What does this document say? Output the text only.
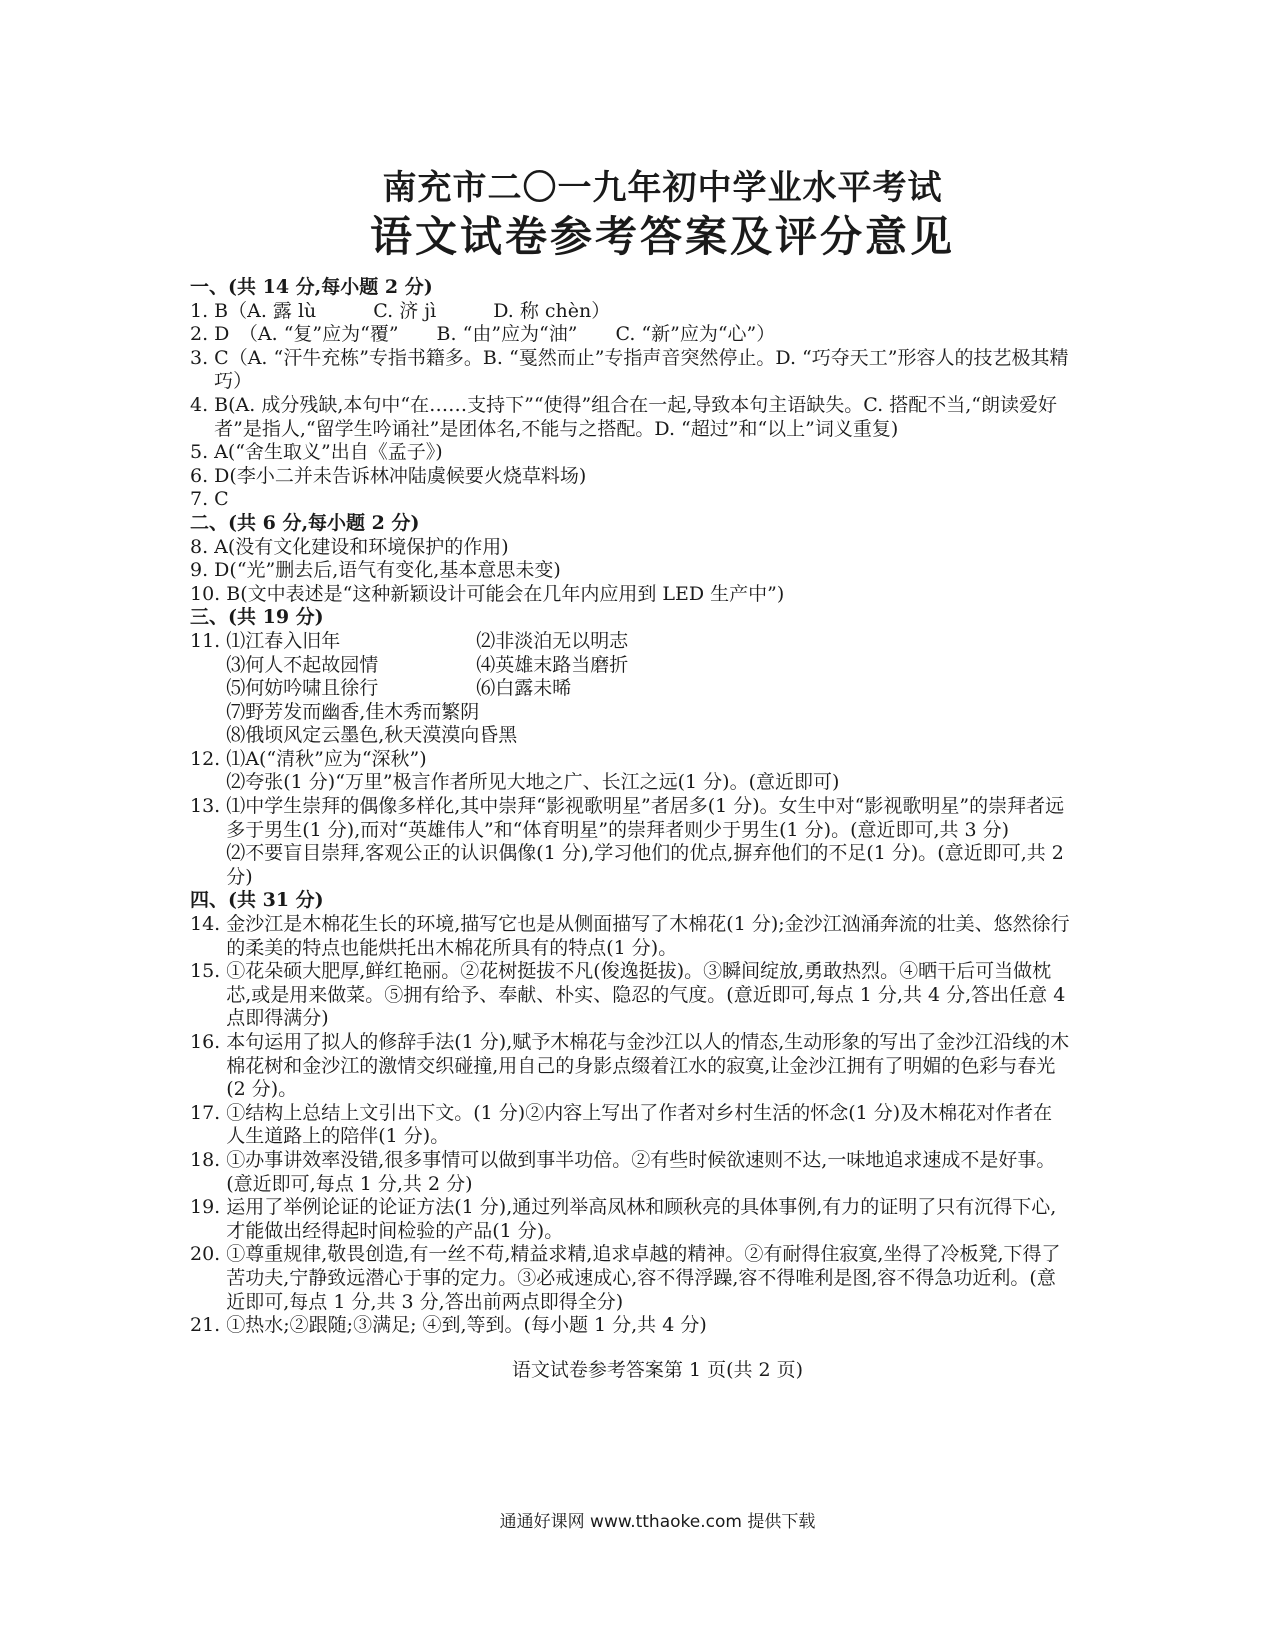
南充市二〇一九年初中学业水平考试
语文试卷参考答案及评分意见
一、(共 14 分,每小题 2 分)
1. B（A. 露 lù　　　C. 济 jì　　　D. 称 chèn）
2. D　（A. “复”应为“覆”　　B. “由”应为“油”　　C. “新”应为“心”）
3. C（A. “汗牛充栋”专指书籍多。B. “戛然而止”专指声音突然停止。D. “巧夺天工”形容人的技艺极其精巧）
4. B(A. 成分残缺,本句中“在……支持下”“使得”组合在一起,导致本句主语缺失。C. 搭配不当,“朗读爱好者”是指人,“留学生吟诵社”是团体名,不能与之搭配。D. “超过”和“以上”词义重复)
5. A(“舍生取义”出自《孟子》)
6. D(李小二并未告诉林冲陆虞候要火烧草料场)
7. C
二、(共 6 分,每小题 2 分)
8. A(没有文化建设和环境保护的作用)
9. D(“光”删去后,语气有变化,基本意思未变)
10. B(文中表述是“这种新颖设计可能会在几年内应用到 LED 生产中”)
三、(共 19 分)
11. ⑴江春入旧年	⑵非淡泊无以明志
⑶何人不起故园情	⑷英雄末路当磨折
⑸何妨吟啸且徐行	⑹白露未晞
⑺野芳发而幽香,佳木秀而繁阴
⑻俄顷风定云墨色,秋天漠漠向昏黑
12. ⑴A(“清秋”应为“深秋”)
⑵夸张(1 分)“万里”极言作者所见大地之广、长江之远(1 分)。(意近即可)
13. ⑴中学生崇拜的偶像多样化,其中崇拜“影视歌明星”者居多(1 分)。女生中对“影视歌明星”的崇拜者远多于男生(1 分),而对“英雄伟人”和“体育明星”的崇拜者则少于男生(1 分)。(意近即可,共 3 分)
⑵不要盲目崇拜,客观公正的认识偶像(1 分),学习他们的优点,摒弃他们的不足(1 分)。(意近即可,共 2 分)
四、(共 31 分)
14. 金沙江是木棉花生长的环境,描写它也是从侧面描写了木棉花(1 分);金沙江汹涌奔流的壮美、悠然徐行的柔美的特点也能烘托出木棉花所具有的特点(1 分)。
15. ①花朵硕大肥厚,鲜红艳丽。②花树挺拔不凡(俊逸挺拔)。③瞬间绽放,勇敢热烈。④晒干后可当做枕芯,或是用来做菜。⑤拥有给予、奉献、朴实、隐忍的气度。(意近即可,每点 1 分,共 4 分,答出任意 4 点即得满分)
16. 本句运用了拟人的修辞手法(1 分),赋予木棉花与金沙江以人的情态,生动形象的写出了金沙江沿线的木棉花树和金沙江的激情交织碰撞,用自己的身影点缀着江水的寂寞,让金沙江拥有了明媚的色彩与春光(2 分)。
17. ①结构上总结上文引出下文。(1 分)②内容上写出了作者对乡村生活的怀念(1 分)及木棉花对作者在人生道路上的陪伴(1 分)。
18. ①办事讲效率没错,很多事情可以做到事半功倍。②有些时候欲速则不达,一味地追求速成不是好事。(意近即可,每点 1 分,共 2 分)
19. 运用了举例论证的论证方法(1 分),通过列举高凤林和顾秋亮的具体事例,有力的证明了只有沉得下心,才能做出经得起时间检验的产品(1 分)。
20. ①尊重规律,敬畏创造,有一丝不苟,精益求精,追求卓越的精神。②有耐得住寂寞,坐得了冷板凳,下得了苦功夫,宁静致远潜心于事的定力。③必戒速成心,容不得浮躁,容不得唯利是图,容不得急功近利。(意近即可,每点 1 分,共 3 分,答出前两点即得全分)
21. ①热水;②跟随;③满足; ④到,等到。(每小题 1 分,共 4 分)
语文试卷参考答案第 1 页(共 2 页)
通通好课网 www.tthaoke.com 提供下载
